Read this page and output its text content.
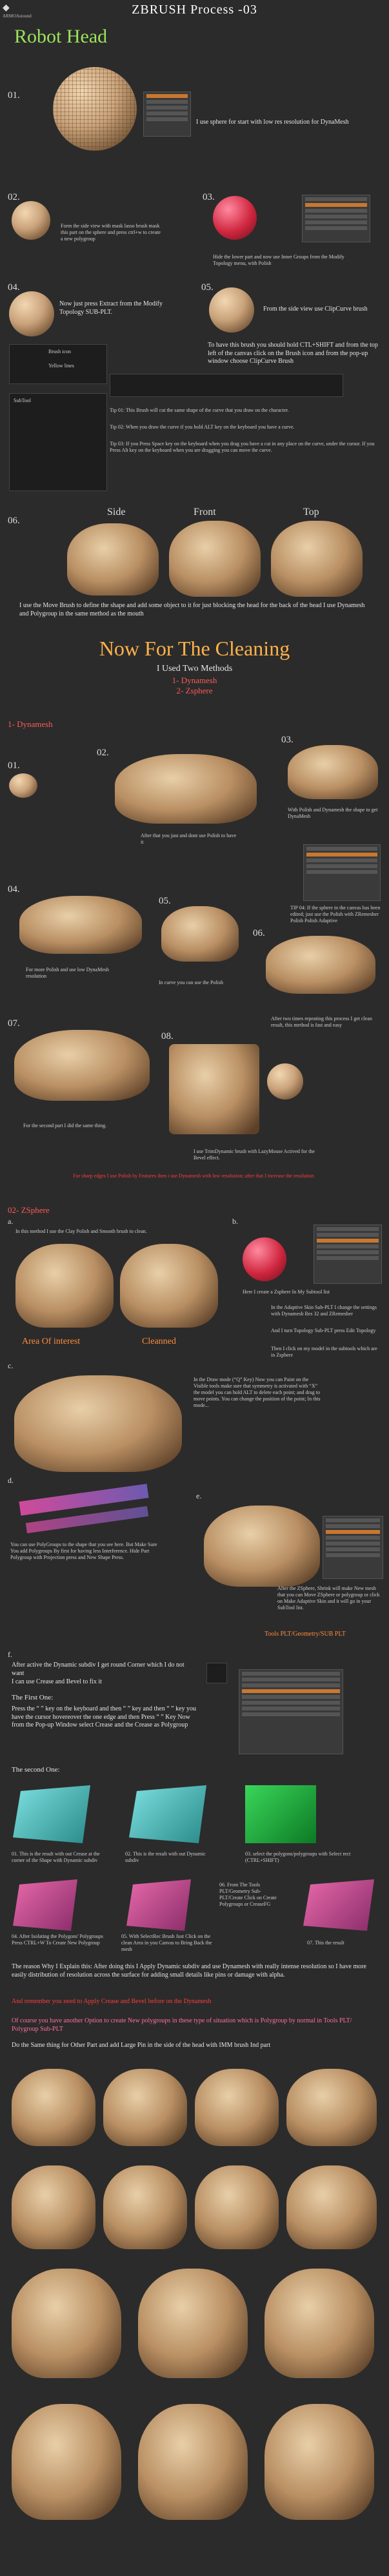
◆
ARMOAstound	ZBRUSH Process -03
Robot Head
01.
I use sphere for start with low res resolution for DynaMesh
02.
Form the side view with mask lasso brush mask this part on the sphere and press ctrl+w to create a new polygroup
03.
Hide the lower part and now use Inner Groups from the Modify Topology menu, with Polish
04.
Now just press Extract from the Modify Topology SUB-PLT.
05.
From the side view use ClipCurve brush
Brush icon
Yellow lines
To have this brush you should hold CTL+SHIFT and from the top left of the canvas click on the Brush icon and from the pop-up window choose ClipCurve Brush
Tip 01: This Brush will cut the same shape of the curve that you draw on the character.
Tip 02: When you draw the curve if you hold ALT key on the keyboard you have a curve.
Tip 03: If you Press Space key on the keyboard when you drag you have a cut in any place on the curve, under the cursor. If you Press Alt key on the keyboard when you are dragging you can move the curve.
SubTool
06.
Side	Front	Top
I use the Move Brush to define the shape and add some object to it for just blocking the head for the back of the head I use Dynamesh and Polygroup in the same method as the mouth
Now For The Cleaning
I Used Two Methods
1- Dynamesh
2- Zsphere
1- Dynamesh
01.
02.
After that you just and dont use Polish to have it
03.
With Polish and Dynamesh the shape to get DynaMesh
TIP 04: If the sphere in the canvas has been edited; just use the Polish with ZRemesher Polish Polish Adaptive
04.
For more Polish and use low DynaMesh resolution
05.
In curve you can use the Polish
06.
After two times repeating this process I get clean result, this method is fast and easy
07.
For the second part I did the same thing.
08.
I use TrimDynamic brush with LazyMouse Actived for the Bevel effect.
For sharp edges I use Polish by Features then i use Dynamesh with low resolution; after that I increase the resolution
02- ZSphere
a.
In this method I use the Clay Polish and Smooth brush to clean.
Area Of interest	Cleanned
b.
Here I create a Zsphere In My Subtool list
In the Adaptive Skin Sub-PLT I change the settings with Dynamesh Res 32 and ZRemesher
And I turn Topology Sub-PLT press Edit Topology
Then I click on my model in the subtools which are in Zsphere
c.
In the Draw mode (“Q” Key) Now you can Paint on the Visible tools make sure that symmetry is activated with “X” the model you can hold ALT to delete each point; and drag to move points. You can change the position of the point; In this mode...
d.
You can use PolyGroups to the shape that you see here. But Make Sure You add Polygroups By first for having less Interference. Hide Part Polygroup with Projection press and New Shape Press.
e.
After the ZSphere, Shrink will make New mesh that you can Move ZSphere or polygroup or click on Make Adaptive Skin and it will go in your SubTool list.
Tools PLT/Geometry/SUB PLT
f.
After active the Dynamic subdiv I get round Corner which I do not want
I can use Crease and Bevel to fix it
The First One:
Press the “ ” key on the keyboard and then “ ” key and then “ ” key you have the cursor hovereover the one edge and then Press “ ” Key Now from the Pop-up Window select Crease and the Crease as Polygroup
The second One:
01. This is the result with out Crease at the corner of the Shape with Dynamic subdiv
02. This is the result with out Dynamic subdiv
03. select the polygons/polygroups with Select rect (CTRL+SHIFT)
04. After Isolating the Polygons' Polygroups Press CTRL+W To Create New Polygroup
05. With SelectRec Brush Just Click on the clean Area in you Canvas to Bring Back the mesh
06. From The Tools PLT/Geometry Sub-PLT/Create Click on Create Polygroups or CreaseFG
07. This the result
The reason Why I Explain this: After doing this I Apply Dynamic subdiv and use Dynamesh with really intense resolution so I have more easily distribution of resolution across the surface for adding small details like pins or damage with alpha.
And remember you need to Apply Crease and Bevel before on the Dynamesh
Of course you have another Option to create New polygroups in these type of situation which is Polygroup by normal in Tools PLT/ Polygroup Sub-PLT
Do the Same thing for Other Part and add Large Pin in the side of the head with IMM brush Ind part
